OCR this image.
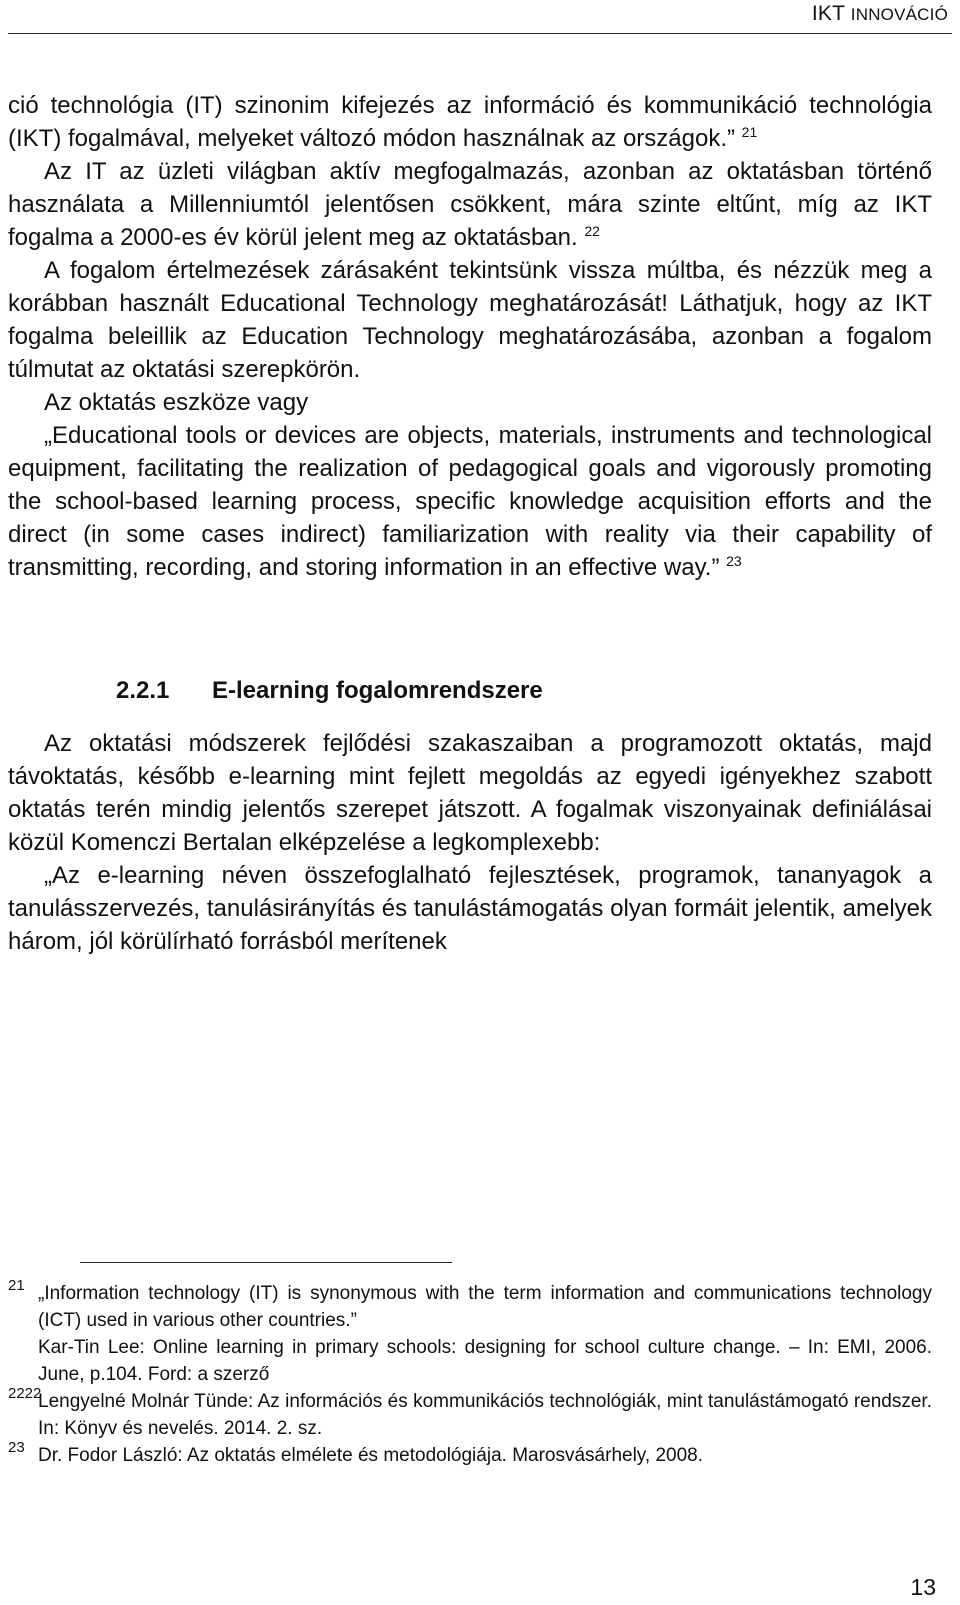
IKT INNOVÁCIÓ

ció technológia (IT) szinonim kifejezés az információ és kommunikáció technológia (IKT) fogalmával, melyeket változó módon használnak az országok.” $^{21}$

Az IT az üzleti világban aktív megfogalmazás, azonban az oktatásban történő használata a Millenniumtól jelentősen csökkent, mára szinte eltűnt, míg az IKT fogalma a 2000-es év körül jelent meg az oktatásban. $^{22}$

A fogalom értelmezések zárásaként tekintsünk vissza múltba, és nézzük meg a korábban használt Educational Technology meghatározását! Láthatjuk, hogy az IKT fogalma beleillik az Education Technology meghatározásába, azonban a fogalom túlmutat az oktatási szerepkörön.

Az oktatás eszköze vagy

„Educational tools or devices are objects, materials, instruments and technological equipment, facilitating the realization of pedagogical goals and vigorously promoting the school-based learning process, specific knowledge acquisition efforts and the direct (in some cases indirect) familiarization with reality via their capability of transmitting, recording, and storing information in an effective way.” $^{23}$

2.2.1 E-learning fogalomrendszere

Az oktatási módszerek fejlődési szakaszaiban a programozott oktatás, majd távoktatás, később e-learning mint fejlett megoldás az egyedi igényekhez szabott oktatás terén mindig jelentős szerepet játszott. A fogalmak viszonyainak definiálásai közül Komenczi Bertalan elképzelése a legkomplexebb:

„Az e-learning néven összefoglalható fejlesztések, programok, tananyagok a tanulásszervezés, tanulásirányítás és tanulástámogatás olyan formáit jelentik, amelyek három, jól körülírható forrásból merítenek

21 „Information technology (IT) is synonymous with the term information and communications technology (ICT) used in various other countries.”
Kar-Tin Lee: Online learning in primary schools: designing for school culture change. – In: EMI, 2006. June, p.104. Ford: a szerző
2222
Lengyelné Molnár Tünde: Az információs és kommunikációs technológiák, mint tanulástámogató rendszer. In: Könyv és nevelés. 2014. 2. sz.
23 Dr. Fodor László: Az oktatás elmélete és metodológiája. Marosvásárhely, 2008.
13
